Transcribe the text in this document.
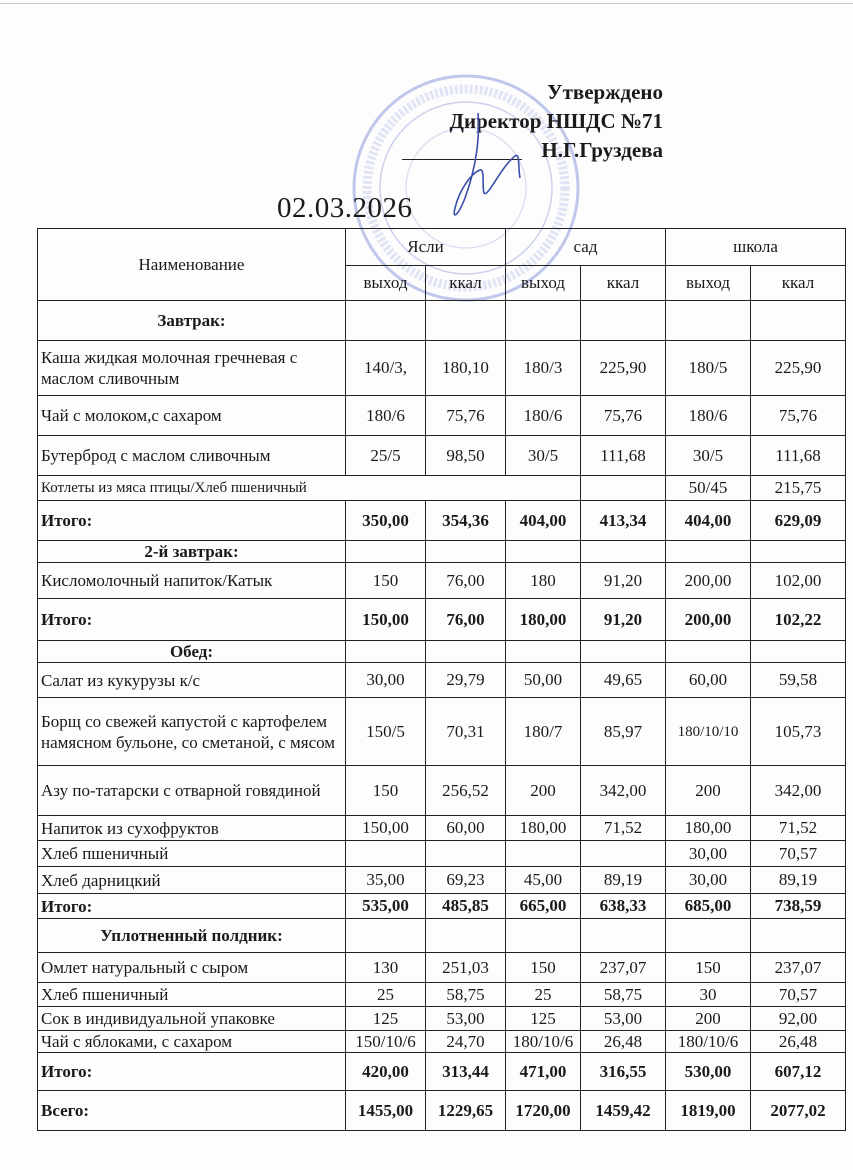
Утверждено
Директор НШДС №71
Н.Г.Груздева
02.03.2026
Наименование	Ясли		сад		школа	
	выход	ккал	выход	ккал	выход	ккал
Завтрак:						
Каша жидкая молочная гречневая с маслом сливочным	140/3,	180,10	180/3	225,90	180/5	225,90
Чай с молоком,с сахаром	180/6	75,76	180/6	75,76	180/6	75,76
Бутерброд с маслом сливочным	25/5	98,50	30/5	111,68	30/5	111,68
Котлеты из мяса птицы/Хлеб пшеничный					50/45	215,75
Итого:	350,00	354,36	404,00	413,34	404,00	629,09
2-й завтрак:						
Кисломолочный напиток/Катык	150	76,00	180	91,20	200,00	102,00
Итого:	150,00	76,00	180,00	91,20	200,00	102,22
Обед:						
Салат из кукурузы к/с	30,00	29,79	50,00	49,65	60,00	59,58
Борщ со свежей капустой с картофелем намясном бульоне, со сметаной, с мясом	150/5	70,31	180/7	85,97	180/10/10	105,73
Азу по-татарски с отварной говядиной	150	256,52	200	342,00	200	342,00
Напиток из сухофруктов	150,00	60,00	180,00	71,52	180,00	71,52
Хлеб пшеничный					30,00	70,57
Хлеб дарницкий	35,00	69,23	45,00	89,19	30,00	89,19
Итого:	535,00	485,85	665,00	638,33	685,00	738,59
Уплотненный полдник:						
Омлет натуральный с сыром	130	251,03	150	237,07	150	237,07
Хлеб пшеничный	25	58,75	25	58,75	30	70,57
Сок в индивидуальной упаковке	125	53,00	125	53,00	200	92,00
Чай с яблоками, с сахаром	150/10/6	24,70	180/10/6	26,48	180/10/6	26,48
Итого:	420,00	313,44	471,00	316,55	530,00	607,12
Всего:	1455,00	1229,65	1720,00	1459,42	1819,00	2077,02
